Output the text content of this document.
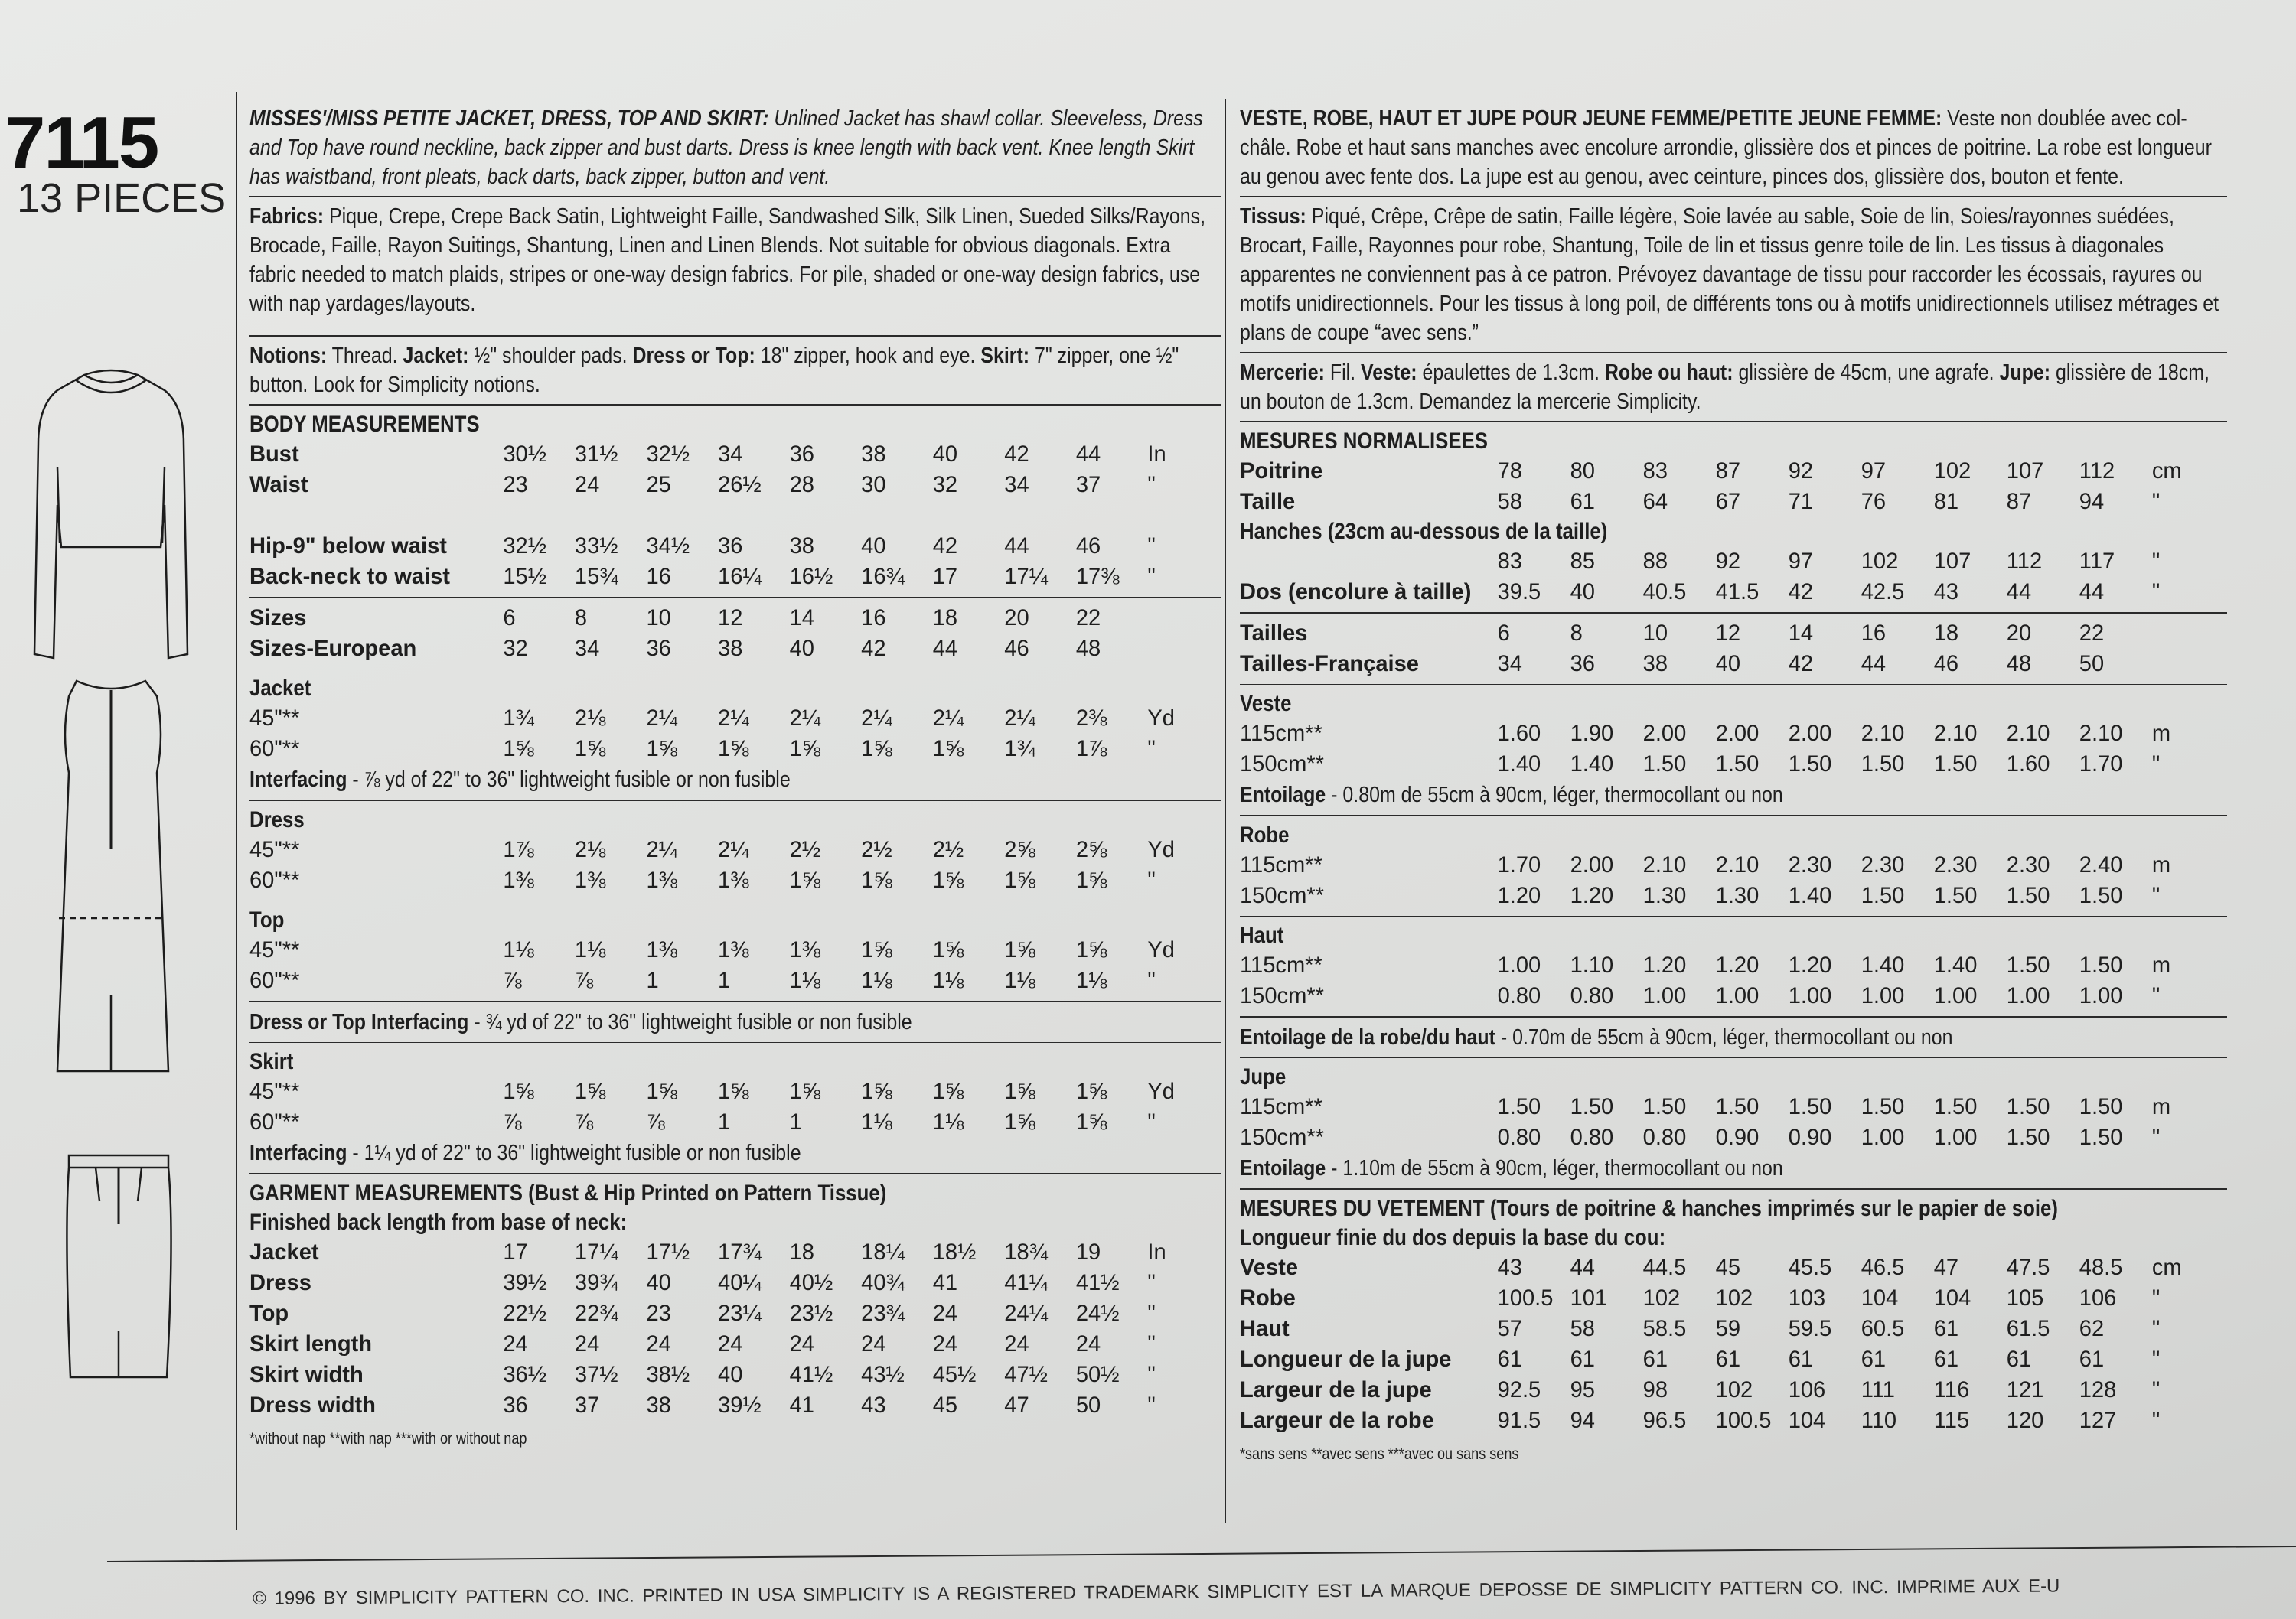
7115
13 PIECES
MISSES'/MISS PETITE JACKET, DRESS, TOP AND SKIRT: Unlined Jacket has shawl collar. Sleeveless, Dress and Top have round neckline, back zipper and bust darts. Dress is knee length with back vent. Knee length Skirt has waistband, front pleats, back darts, back zipper, button and vent.
Fabrics: Pique, Crepe, Crepe Back Satin, Lightweight Faille, Sandwashed Silk, Silk Linen, Sueded Silks/Rayons, Brocade, Faille, Rayon Suitings, Shantung, Linen and Linen Blends. Not suitable for obvious diagonals. Extra fabric needed to match plaids, stripes or one-way design fabrics. For pile, shaded or one-way design fabrics, use with nap yardages/layouts.
Notions: Thread. Jacket: ½" shoulder pads. Dress or Top: 18" zipper, hook and eye. Skirt: 7" zipper, one ½" button. Look for Simplicity notions.
BODY MEASUREMENTS
Bust	30½	31½	32½	34	36	38	40	42	44	In
Waist	23	24	25	26½	28	30	32	34	37	"

Hip-9" below waist	32½	33½	34½	36	38	40	42	44	46	"
Back-neck to waist	15½	15¾	16	16¼	16½	16¾	17	17¼	17⅜	"
Sizes	6	8	10	12	14	16	18	20	22	
Sizes-European	32	34	36	38	40	42	44	46	48	
Jacket
45"**	1¾	2⅛	2¼	2¼	2¼	2¼	2¼	2¼	2⅜	Yd
60"**	1⅝	1⅝	1⅝	1⅝	1⅝	1⅝	1⅝	1¾	1⅞	"
Interfacing - ⅞ yd of 22" to 36" lightweight fusible or non fusible
Dress
45"**	1⅞	2⅛	2¼	2¼	2½	2½	2½	2⅝	2⅝	Yd
60"**	1⅜	1⅜	1⅜	1⅜	1⅝	1⅝	1⅝	1⅝	1⅝	"
Top
45"**	1⅛	1⅛	1⅜	1⅜	1⅜	1⅝	1⅝	1⅝	1⅝	Yd
60"**	⅞	⅞	1	1	1⅛	1⅛	1⅛	1⅛	1⅛	"
Dress or Top Interfacing - ¾ yd of 22" to 36" lightweight fusible or non fusible
Skirt
45"**	1⅝	1⅝	1⅝	1⅝	1⅝	1⅝	1⅝	1⅝	1⅝	Yd
60"**	⅞	⅞	⅞	1	1	1⅛	1⅛	1⅝	1⅝	"
Interfacing - 1¼ yd of 22" to 36" lightweight fusible or non fusible
GARMENT MEASUREMENTS (Bust & Hip Printed on Pattern Tissue)
Finished back length from base of neck:
Jacket	17	17¼	17½	17¾	18	18¼	18½	18¾	19	In
Dress	39½	39¾	40	40¼	40½	40¾	41	41¼	41½	"
Top	22½	22¾	23	23¼	23½	23¾	24	24¼	24½	"
Skirt length	24	24	24	24	24	24	24	24	24	"
Skirt width	36½	37½	38½	40	41½	43½	45½	47½	50½	"
Dress width	36	37	38	39½	41	43	45	47	50	"
*without nap **with nap ***with or without nap
VESTE, ROBE, HAUT ET JUPE POUR JEUNE FEMME/PETITE JEUNE FEMME: Veste non doublée avec col-châle. Robe et haut sans manches avec encolure arrondie, glissière dos et pinces de poitrine. La robe est longueur au genou avec fente dos. La jupe est au genou, avec ceinture, pinces dos, glissière dos, bouton et fente.
Tissus: Piqué, Crêpe, Crêpe de satin, Faille légère, Soie lavée au sable, Soie de lin, Soies/rayonnes suédées, Brocart, Faille, Rayonnes pour robe, Shantung, Toile de lin et tissus genre toile de lin. Les tissus à diagonales apparentes ne conviennent pas à ce patron. Prévoyez davantage de tissu pour raccorder les écossais, rayures ou motifs unidirectionnels. Pour les tissus à long poil, de différents tons ou à motifs unidirectionnels utilisez métrages et plans de coupe “avec sens.”
Mercerie: Fil. Veste: épaulettes de 1.3cm. Robe ou haut: glissière de 45cm, une agrafe. Jupe: glissière de 18cm, un bouton de 1.3cm. Demandez la mercerie Simplicity.
MESURES NORMALISEES
Poitrine	78	80	83	87	92	97	102	107	112	cm
Taille	58	61	64	67	71	76	81	87	94	"
Hanches (23cm au-dessous de la taille)
	83	85	88	92	97	102	107	112	117	"
Dos (encolure à taille)	39.5	40	40.5	41.5	42	42.5	43	44	44	"
Tailles	6	8	10	12	14	16	18	20	22	
Tailles-Française	34	36	38	40	42	44	46	48	50	
Veste
115cm**	1.60	1.90	2.00	2.00	2.00	2.10	2.10	2.10	2.10	m
150cm**	1.40	1.40	1.50	1.50	1.50	1.50	1.50	1.60	1.70	"
Entoilage - 0.80m de 55cm à 90cm, léger, thermocollant ou non
Robe
115cm**	1.70	2.00	2.10	2.10	2.30	2.30	2.30	2.30	2.40	m
150cm**	1.20	1.20	1.30	1.30	1.40	1.50	1.50	1.50	1.50	"
Haut
115cm**	1.00	1.10	1.20	1.20	1.20	1.40	1.40	1.50	1.50	m
150cm**	0.80	0.80	1.00	1.00	1.00	1.00	1.00	1.00	1.00	"
Entoilage de la robe/du haut - 0.70m de 55cm à 90cm, léger, thermocollant ou non
Jupe
115cm**	1.50	1.50	1.50	1.50	1.50	1.50	1.50	1.50	1.50	m
150cm**	0.80	0.80	0.80	0.90	0.90	1.00	1.00	1.50	1.50	"
Entoilage - 1.10m de 55cm à 90cm, léger, thermocollant ou non
MESURES DU VETEMENT (Tours de poitrine & hanches imprimés sur le papier de soie)
Longueur finie du dos depuis la base du cou:
Veste	43	44	44.5	45	45.5	46.5	47	47.5	48.5	cm
Robe	100.5	101	102	102	103	104	104	105	106	"
Haut	57	58	58.5	59	59.5	60.5	61	61.5	62	"
Longueur de la jupe	61	61	61	61	61	61	61	61	61	"
Largeur de la jupe	92.5	95	98	102	106	111	116	121	128	"
Largeur de la robe	91.5	94	96.5	100.5	104	110	115	120	127	"
*sans sens **avec sens ***avec ou sans sens
© 1996 BY SIMPLICITY PATTERN CO. INC. PRINTED IN USA SIMPLICITY IS A REGISTERED TRADEMARK SIMPLICITY EST LA MARQUE DEPOSSE DE SIMPLICITY PATTERN CO. INC. IMPRIME AUX E-U
